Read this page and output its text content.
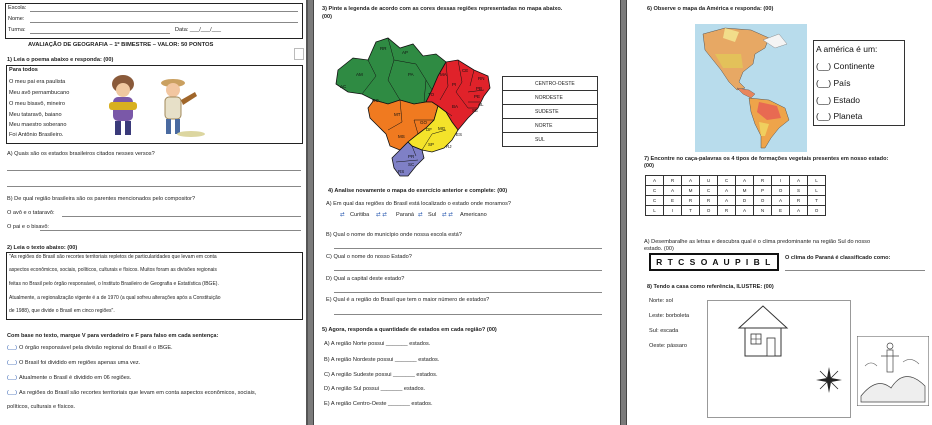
Escola:
Nome:
Turma:	Data: ___/___/___
AVALIAÇÃO DE GEOGRAFIA – 1º BIMESTRE – VALOR: 50 PONTOS
1) Leia o poema abaixo e responda: (00)
Para todos
O meu pai era paulista
Meu avô pernambucano
O meu bisavô, mineiro
Meu tataravô, baiano
Meu maestro soberano
Foi Antônio Brasileiro.
A) Quais são os estados brasileiros citados nesses versos?
B) De qual região brasileira são os parentes mencionados pelo compositor?
O avô e o tataravô:
O pai e o bisavô:
2) Leia o texto abaixo: (00)
"As regiões do Brasil são recortes territoriais repletos de particularidades que levam em conta
aspectos econômicos, sociais, políticos, culturais e físicos. Muitos foram as divisões regionais
feitas no Brasil pelo órgão responsável, o Instituto Brasileiro de Geografia e Estatística (IBGE).
Atualmente, a regionalização vigente é a de 1970 (a qual sofreu alterações após a Constituição
de 1988), que divide o Brasil em cinco regiões".
Com base no texto, marque V para verdadeiro e F para falso em cada sentença:
(__) O órgão responsável pela divisão regional do Brasil é o IBGE.
(__) O Brasil foi dividido em regiões apenas uma vez.
(__) Atualmente o Brasil é dividido em 06 regiões.
(__) As regiões do Brasil são recortes territoriais que levam em conta aspectos econômicos, sociais,
políticos, culturais e físicos.
3) Pinte a legenda de acordo com as cores dessas regiões representadas no mapa abaixo.
(00)
RR
AP
AM	PA	MA
CE
RN
PB
PE
AL
SE
PI
TO
BA
AC
RO
MT
GO
DF MG
ES
RJ
SP
MS
PR
SC
RS
CENTRO-OESTE
NORDESTE
SUDESTE
NORTE
SUL
4) Analise novamente o mapa do exercício anterior e complete: (00)
A) Em qual das regiões do Brasil está localizado o estado onde moramos?
⇄ Curitiba ⇄ ⇄ Paraná ⇄ Sul ⇄ ⇄ Americano
B) Qual o nome do município onde nossa escola está?
C) Qual o nome do nosso Estado?
D) Qual a capital deste estado?
E) Qual é a região do Brasil que tem o maior número de estados?
5) Agora, responda a quantidade de estados em cada região? (00)
A) A região Norte possui _______ estados.
B) A região Nordeste possui _______ estados.
C) A região Sudeste possui _______ estados.
D) A região Sul possui _______ estados.
E) A região Centro-Oeste _______ estados.
6) Observe o mapa da América e responda: (00)
A américa é um:
(__) Continente
(__) País
(__) Estado
(__) Planeta
7) Encontre no caça-palavras os 4 tipos de formações vegetais presentes em nosso estado:
(00)
A	R	A	U	C	A	R	I	A	L
C	A	M	C	A	M	P	O	S	L
C	E	R	R	A	D	O	A	R	T
L	I	T	O	R	A	N	E	A	O
A) Desembaralhe as letras e descubra qual é o clima predominante na região Sul do nosso
estado. (00)
R T C S O A U P I B L	O clima do Paraná é classificado como:
8) Tendo a casa como referência, ILUSTRE: (00)
Norte: sol
Leste: borboleta
Sul: escada
Oeste: pássaro
